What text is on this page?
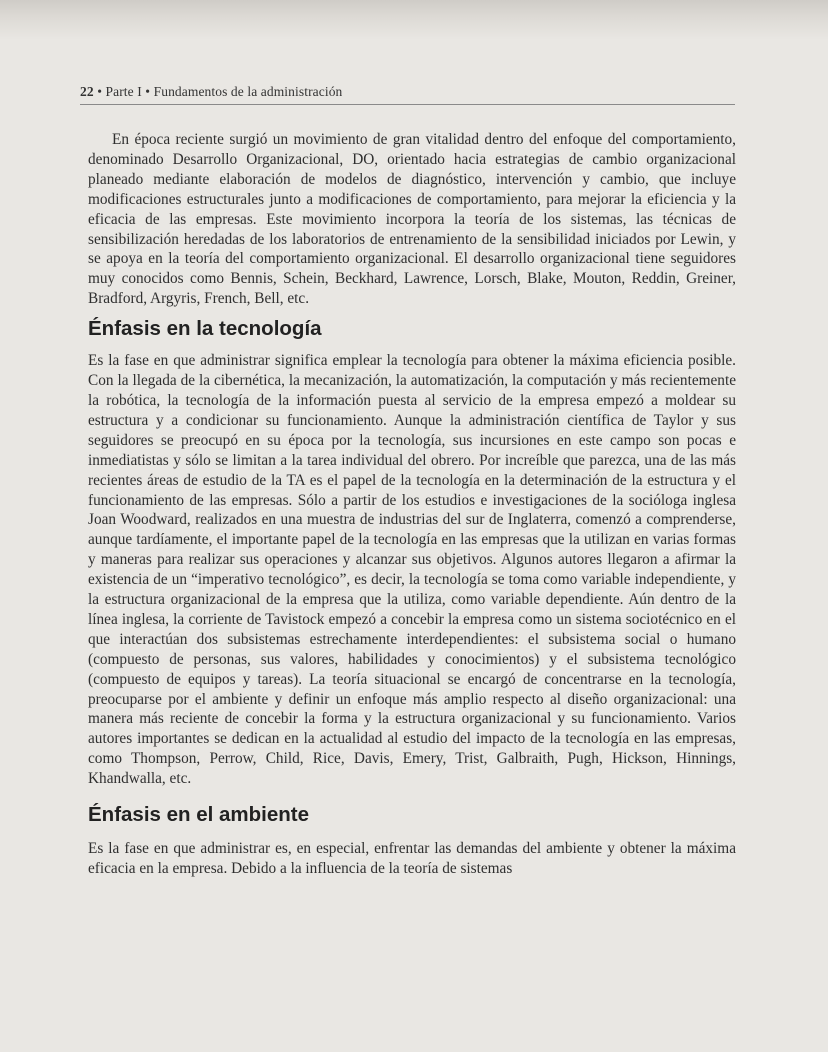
22 • Parte I • Fundamentos de la administración

En época reciente surgió un movimiento de gran vitalidad dentro del enfoque del comportamiento, denominado Desarrollo Organizacional, DO, orientado hacia estrategias de cambio organizacional planeado mediante elaboración de modelos de diagnóstico, intervención y cambio, que incluye modificaciones estructurales junto a modificaciones de comportamiento, para mejorar la eficiencia y la eficacia de las empresas. Este movimiento incorpora la teoría de los sistemas, las técnicas de sensibilización heredadas de los laboratorios de entrenamiento de la sensibilidad iniciados por Lewin, y se apoya en la teoría del comportamiento organizacional. El desarrollo organizacional tiene seguidores muy conocidos como Bennis, Schein, Beckhard, Lawrence, Lorsch, Blake, Mouton, Reddin, Greiner, Bradford, Argyris, French, Bell, etc.

Énfasis en la tecnología

Es la fase en que administrar significa emplear la tecnología para obtener la máxima eficiencia posible. Con la llegada de la cibernética, la mecanización, la automatización, la computación y más recientemente la robótica, la tecnología de la información puesta al servicio de la empresa empezó a moldear su estructura y a condicionar su funcionamiento. Aunque la administración científica de Taylor y sus seguidores se preocupó en su época por la tecnología, sus incursiones en este campo son pocas e inmediatistas y sólo se limitan a la tarea individual del obrero. Por increíble que parezca, una de las más recientes áreas de estudio de la TA es el papel de la tecnología en la determinación de la estructura y el funcionamiento de las empresas. Sólo a partir de los estudios e investigaciones de la socióloga inglesa Joan Woodward, realizados en una muestra de industrias del sur de Inglaterra, comenzó a comprenderse, aunque tardíamente, el importante papel de la tecnología en las empresas que la utilizan en varias formas y maneras para realizar sus operaciones y alcanzar sus objetivos. Algunos autores llegaron a afirmar la existencia de un “imperativo tecnológico”, es decir, la tecnología se toma como variable independiente, y la estructura organizacional de la empresa que la utiliza, como variable dependiente. Aún dentro de la línea inglesa, la corriente de Tavistock empezó a concebir la empresa como un sistema sociotécnico en el que interactúan dos subsistemas estrechamente interdependientes: el subsistema social o humano (compuesto de personas, sus valores, habilidades y conocimientos) y el subsistema tecnológico (compuesto de equipos y tareas). La teoría situacional se encargó de concentrarse en la tecnología, preocuparse por el ambiente y definir un enfoque más amplio respecto al diseño organizacional: una manera más reciente de concebir la forma y la estructura organizacional y su funcionamiento. Varios autores importantes se dedican en la actualidad al estudio del impacto de la tecnología en las empresas, como Thompson, Perrow, Child, Rice, Davis, Emery, Trist, Galbraith, Pugh, Hickson, Hinnings, Khandwalla, etc.

Énfasis en el ambiente

Es la fase en que administrar es, en especial, enfrentar las demandas del ambiente y obtener la máxima eficacia en la empresa. Debido a la influencia de la teoría de sistemas
